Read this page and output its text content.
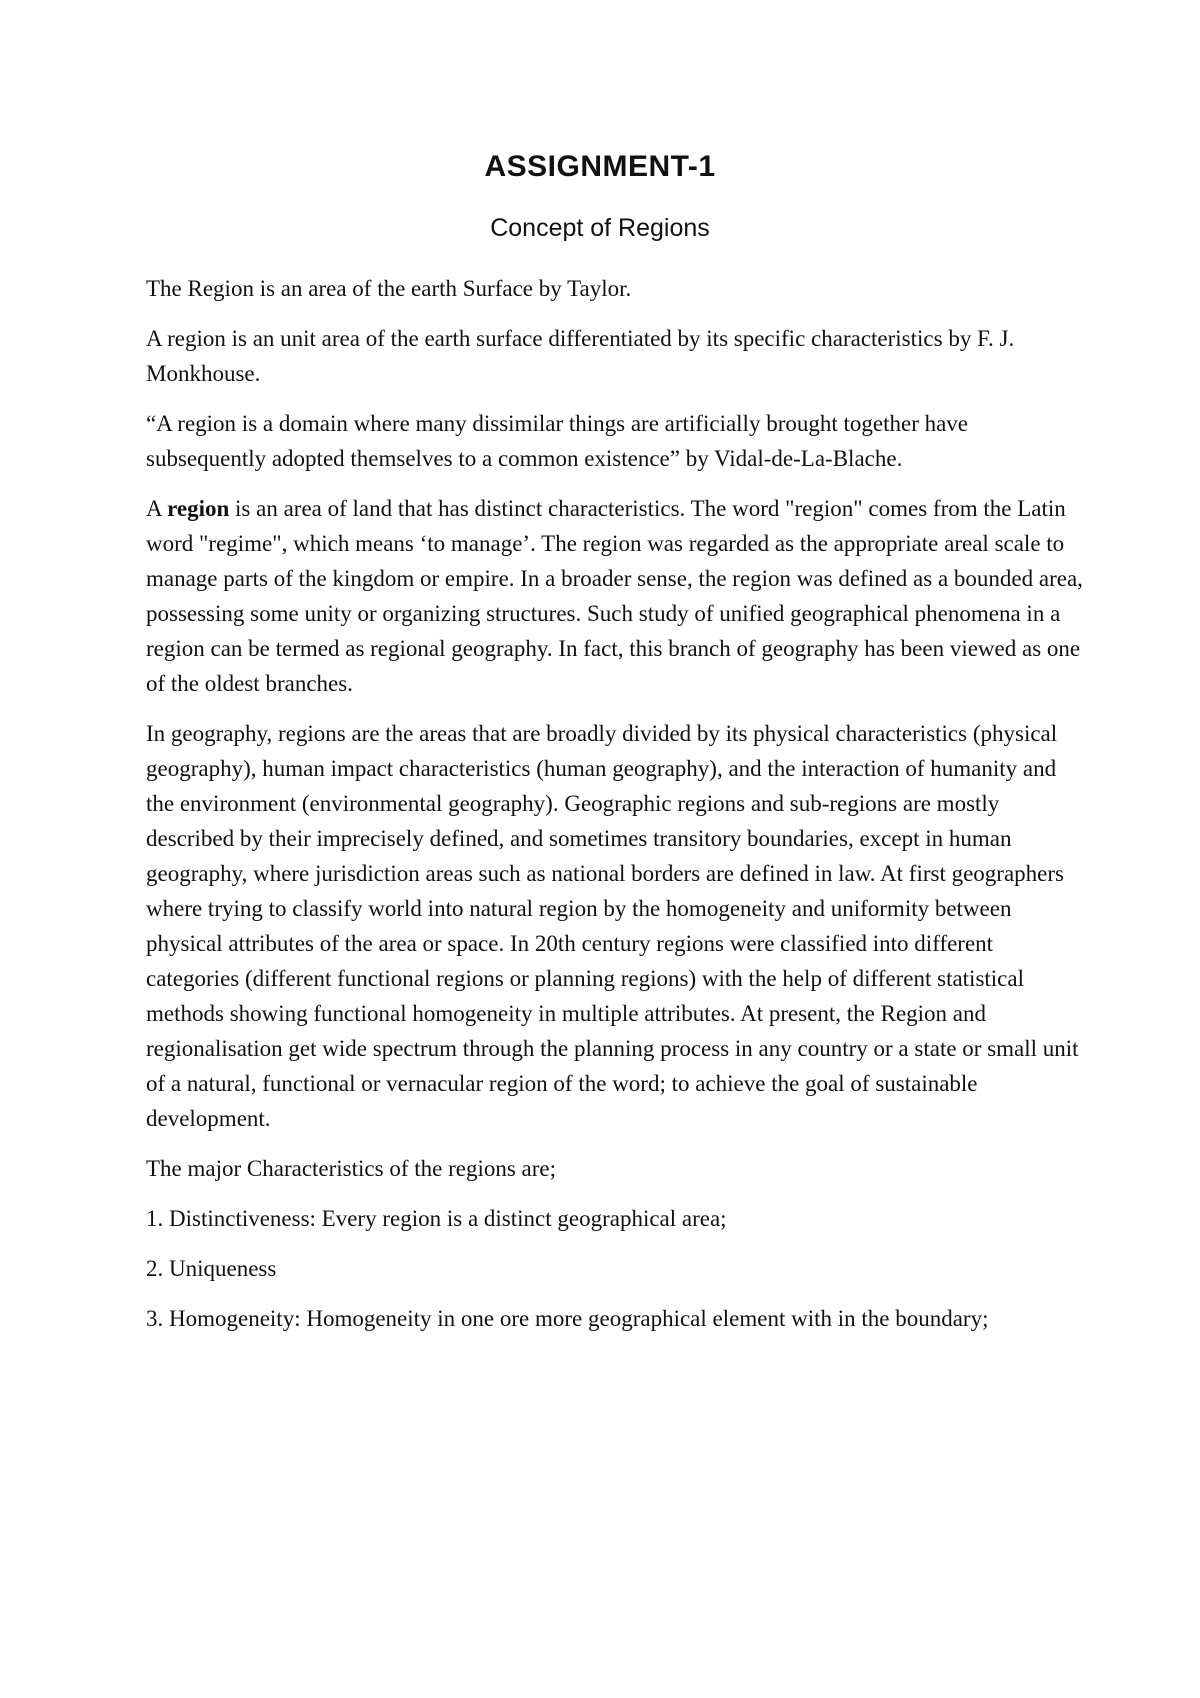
ASSIGNMENT-1
Concept of Regions

The Region is an area of the earth Surface by Taylor.

A region is an unit area of the earth surface differentiated by its specific characteristics by F. J. Monkhouse.

“A region is a domain where many dissimilar things are artificially brought together have subsequently adopted themselves to a common existence” by Vidal-de-La-Blache.

A region is an area of land that has distinct characteristics. The word "region" comes from the Latin word "regime", which means ‘to manage’. The region was regarded as the appropriate areal scale to manage parts of the kingdom or empire. In a broader sense, the region was defined as a bounded area, possessing some unity or organizing structures. Such study of unified geographical phenomena in a region can be termed as regional geography. In fact, this branch of geography has been viewed as one of the oldest branches.

In geography, regions are the areas that are broadly divided by its physical characteristics (physical geography), human impact characteristics (human geography), and the interaction of humanity and the environment (environmental geography). Geographic regions and sub-regions are mostly described by their imprecisely defined, and sometimes transitory boundaries, except in human geography, where jurisdiction areas such as national borders are defined in law. At first geographers where trying to classify world into natural region by the homogeneity and uniformity between physical attributes of the area or space. In 20th century regions were classified into different categories (different functional regions or planning regions) with the help of different statistical methods showing functional homogeneity in multiple attributes. At present, the Region and regionalisation get wide spectrum through the planning process in any country or a state or small unit of a natural, functional or vernacular region of the word; to achieve the goal of sustainable development.

The major Characteristics of the regions are;

1. Distinctiveness: Every region is a distinct geographical area;

2. Uniqueness

3. Homogeneity: Homogeneity in one ore more geographical element with in the boundary;
